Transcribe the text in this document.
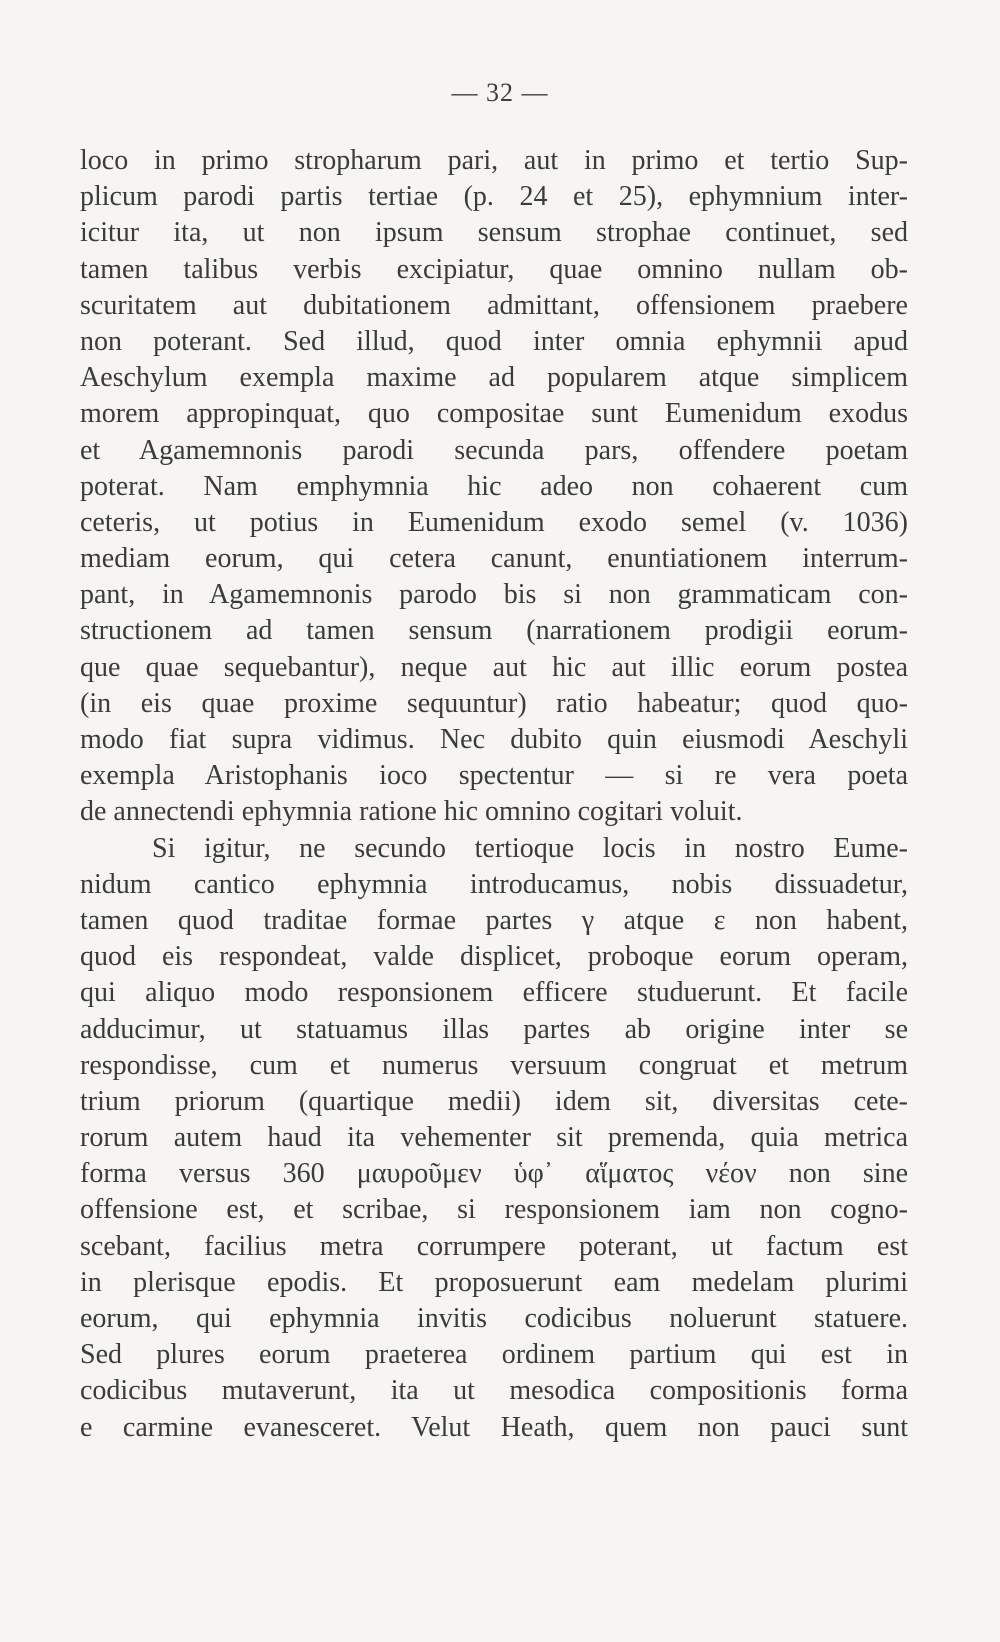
— 32 —
loco in primo stropharum pari, aut in primo et tertio Sup-
plicum parodi partis tertiae (p. 24 et 25), ephymnium inter-
icitur ita, ut non ipsum sensum strophae continuet, sed
tamen talibus verbis excipiatur, quae omnino nullam ob-
scuritatem aut dubitationem admittant, offensionem praebere
non poterant. Sed illud, quod inter omnia ephymnii apud
Aeschylum exempla maxime ad popularem atque simplicem
morem appropinquat, quo compositae sunt Eumenidum exodus
et Agamemnonis parodi secunda pars, offendere poetam
poterat. Nam emphymnia hic adeo non cohaerent cum
ceteris, ut potius in Eumenidum exodo semel (v. 1036)
mediam eorum, qui cetera canunt, enuntiationem interrum-
pant, in Agamemnonis parodo bis si non grammaticam con-
structionem ad tamen sensum (narrationem prodigii eorum-
que quae sequebantur), neque aut hic aut illic eorum postea
(in eis quae proxime sequuntur) ratio habeatur; quod quo-
modo fiat supra vidimus. Nec dubito quin eiusmodi Aeschyli
exempla Aristophanis ioco spectentur — si re vera poeta
de annectendi ephymnia ratione hic omnino cogitari voluit.
Si igitur, ne secundo tertioque locis in nostro Eume-
nidum cantico ephymnia introducamus, nobis dissuadetur,
tamen quod traditae formae partes γ atque ε non habent,
quod eis respondeat, valde displicet, proboque eorum operam,
qui aliquo modo responsionem efficere studuerunt. Et facile
adducimur, ut statuamus illas partes ab origine inter se
respondisse, cum et numerus versuum congruat et metrum
trium priorum (quartique medii) idem sit, diversitas cete-
rorum autem haud ita vehementer sit premenda, quia metrica
forma versus 360 μαυροῦμεν ὑφ᾽ αἵματος νέον non sine
offensione est, et scribae, si responsionem iam non cogno-
scebant, facilius metra corrumpere poterant, ut factum est
in plerisque epodis. Et proposuerunt eam medelam plurimi
eorum, qui ephymnia invitis codicibus noluerunt statuere.
Sed plures eorum praeterea ordinem partium qui est in
codicibus mutaverunt, ita ut mesodica compositionis forma
e carmine evanesceret. Velut Heath, quem non pauci sunt
